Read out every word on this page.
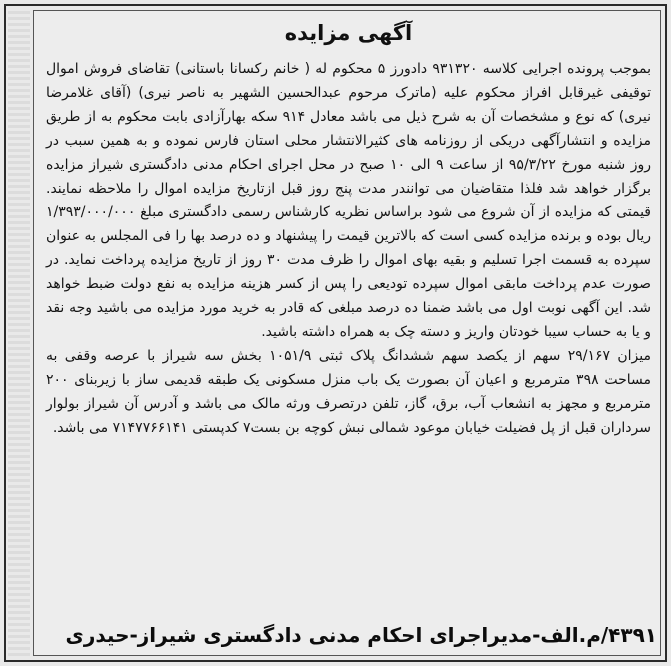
آگهی مزایده

بموجب پرونده اجرایی کلاسه ۹۳۱۳۲۰ دادورز ۵ محکوم له ( خانم رکسانا باستانی) تقاضای فروش اموال توقیفی غیرقابل افراز محکوم علیه (ماترک مرحوم عبدالحسین الشهیر به ناصر نیری) (آقای غلامرضا نیری) که نوع و مشخصات آن به شرح ذیل می باشد معادل ۹۱۴ سکه بهارآزادی بابت محکوم به از طریق مزایده و انتشارآگهی دریکی از روزنامه های کثیرالانتشار محلی استان فارس نموده و به همین سبب در روز شنبه مورخ ۹۵/۳/۲۲ از ساعت ۹ الی ۱۰ صبح در محل اجرای احکام مدنی دادگستری شیراز مزایده برگزار خواهد شد فلذا متقاضیان می توانندر مدت پنج روز قبل ازتاریخ مزایده اموال را ملاحظه نمایند. قیمتی که مزایده از آن شروع می شود براساس نظریه کارشناس رسمی دادگستری مبلغ ۱/۳۹۳/۰۰۰/۰۰۰ ریال بوده و برنده مزایده کسی است که بالاترین قیمت را پیشنهاد و ده درصد بها را فی المجلس به عنوان سپرده به قسمت اجرا تسلیم و بقیه بهای اموال را ظرف مدت ۳۰ روز از تاریخ مزایده پرداخت نماید. در صورت عدم پرداخت مابقی اموال سپرده تودیعی را پس از کسر هزینه مزایده به نفع دولت ضبط خواهد شد. این آگهی نوبت اول می باشد ضمنا ده درصد مبلغی که قادر به خرید مورد مزایده می باشید وجه نقد و یا به حساب سیبا خودتان واریز و دسته چک به همراه داشته باشید.

میزان ۲۹/۱۶۷ سهم از یکصد سهم ششدانگ پلاک ثبتی ۱۰۵۱/۹ بخش سه شیراز با عرصه وقفی به مساحت ۳۹۸ مترمربع و اعیان آن بصورت یک باب منزل مسکونی یک طبقه قدیمی ساز با زیربنای ۲۰۰ مترمربع و مجهز به انشعاب آب، برق، گاز، تلفن درتصرف ورثه مالک می باشد و آدرس آن شیراز بولوار سرداران قبل از پل فضیلت خیابان موعود شمالی نبش کوچه بن بست۷ کدپستی ۷۱۴۷۷۶۶۱۴۱ می باشد.

۴۳۹۱/م.الف-مدیراجرای احکام مدنی دادگستری شیراز-حیدری
